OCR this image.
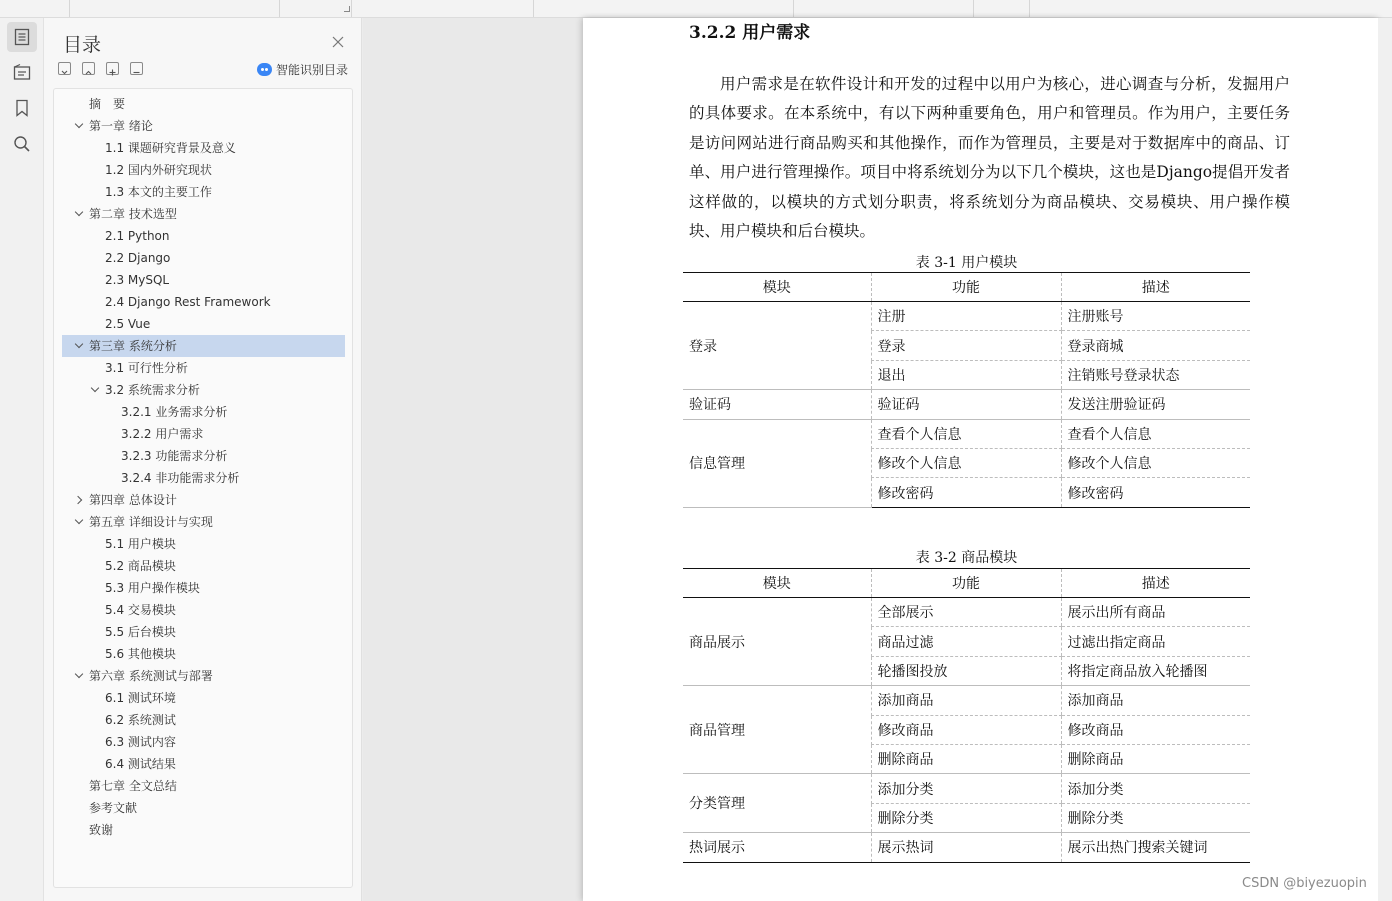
目录
智能识别目录
摘　要
第一章 绪论
1.1 课题研究背景及意义
1.2 国内外研究现状
1.3 本文的主要工作
第二章 技术选型
2.1 Python
2.2 Django
2.3 MySQL
2.4 Django Rest Framework
2.5 Vue
第三章 系统分析
3.1 可行性分析
3.2 系统需求分析
3.2.1 业务需求分析
3.2.2 用户需求
3.2.3 功能需求分析
3.2.4 非功能需求分析
第四章 总体设计
第五章 详细设计与实现
5.1 用户模块
5.2 商品模块
5.3 用户操作模块
5.4 交易模块
5.5 后台模块
5.6 其他模块
第六章 系统测试与部署
6.1 测试环境
6.2 系统测试
6.3 测试内容
6.4 测试结果
第七章 全文总结
参考文献
致谢
3.2.2 用户需求
用户需求是在软件设计和开发的过程中以用户为核心，进心调查与分析，发掘用户的具体要求。在本系统中，有以下两种重要角色，用户和管理员。作为用户，主要任务是访问网站进行商品购买和其他操作，而作为管理员，主要是对于数据库中的商品、订单、用户进行管理操作。项目中将系统划分为以下几个模块，这也是Django提倡开发者这样做的，以模块的方式划分职责，将系统划分为商品模块、交易模块、用户操作模块、用户模块和后台模块。
表 3-1 用户模块
模块	功能	描述
登录	注册	注册账号
	登录	登录商城
	退出	注销账号登录状态
验证码	验证码	发送注册验证码
信息管理	查看个人信息	查看个人信息
	修改个人信息	修改个人信息
	修改密码	修改密码
表 3-2 商品模块
模块	功能	描述
商品展示	全部展示	展示出所有商品
	商品过滤	过滤出指定商品
	轮播图投放	将指定商品放入轮播图
商品管理	添加商品	添加商品
	修改商品	修改商品
	删除商品	删除商品
分类管理	添加分类	添加分类
	删除分类	删除分类
热词展示	展示热词	展示出热门搜索关键词
CSDN @biyezuopin
